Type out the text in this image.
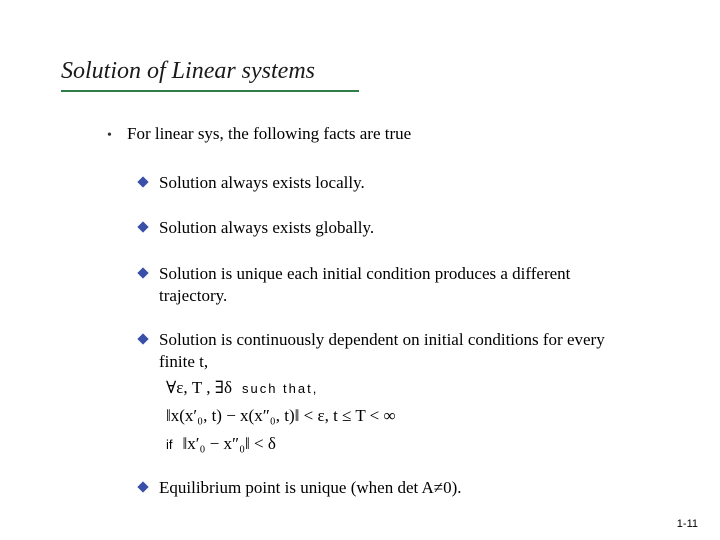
Solution of Linear systems
• For linear sys, the following facts are true
Solution always exists locally.
Solution always exists globally.
Solution is unique each initial condition produces a different trajectory.
Solution is continuously dependent on initial conditions for every finite t,
∀ε, T , ∃δ such that,
‖x(x′₀, t) − x(x″₀, t)‖ < ε, t ≤ T < ∞
if ‖x′₀ − x″₀‖ < δ
Equilibrium point is unique (when det A≠0).
1-11
